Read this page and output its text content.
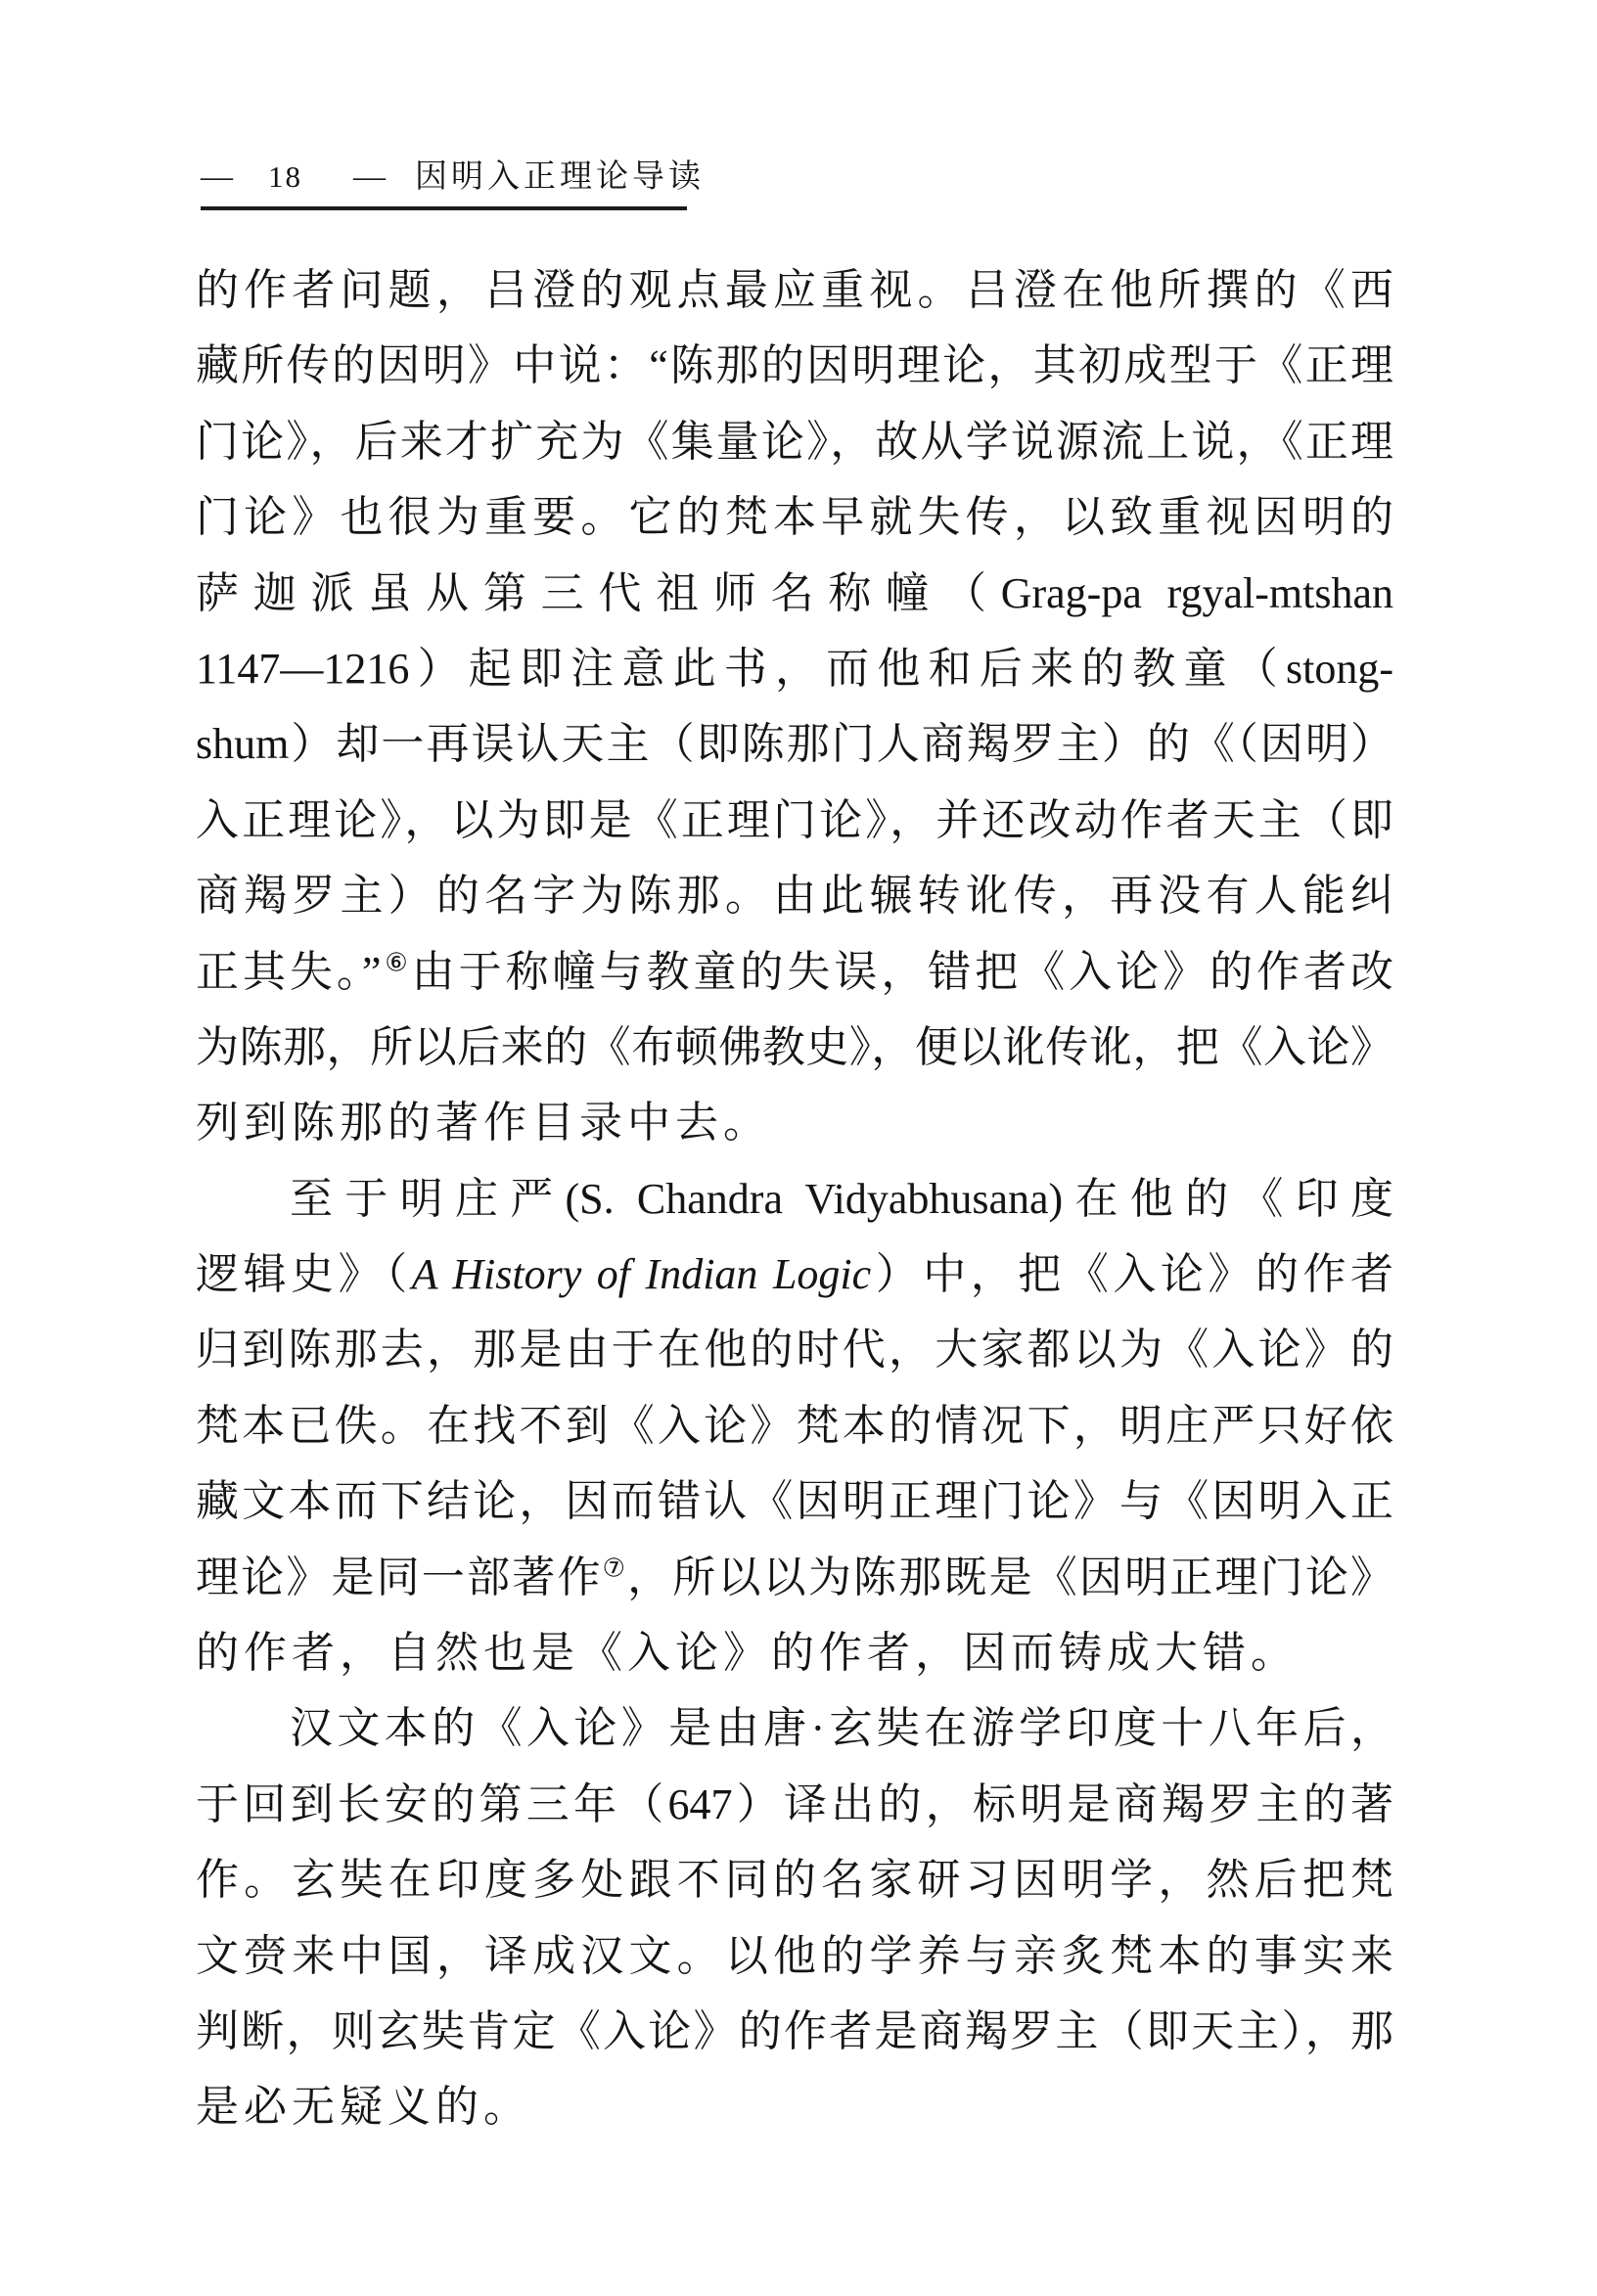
— 18 — 因明入正理论导读
的作者问题，吕澄的观点最应重视。吕澄在他所撰的《西
藏所传的因明》中说：“陈那的因明理论，其初成型于《正理
门论》，后来才扩充为《集量论》，故从学说源流上说，《正理
门论》也很为重要。它的梵本早就失传，以致重视因明的
萨迦派虽从第三代祖师名称幢（Grag-pa rgyal-mtshan
1147—1216）起即注意此书，而他和后来的教童（stong-
shum）却一再误认天主（即陈那门人商羯罗主）的《（因明）
入正理论》，以为即是《正理门论》，并还改动作者天主（即
商羯罗主）的名字为陈那。由此辗转讹传，再没有人能纠
正其失。”⑥由于称幢与教童的失误，错把《入论》的作者改
为陈那，所以后来的《布顿佛教史》，便以讹传讹，把《入论》
列到陈那的著作目录中去。
至于明庄严(S. Chandra Vidyabhusana)在他的《印度
逻辑史》（A History of Indian Logic）中，把《入论》的作者
归到陈那去，那是由于在他的时代，大家都以为《入论》的
梵本已佚。在找不到《入论》梵本的情况下，明庄严只好依
藏文本而下结论，因而错认《因明正理门论》与《因明入正
理论》是同一部著作⑦，所以以为陈那既是《因明正理门论》
的作者，自然也是《入论》的作者，因而铸成大错。
汉文本的《入论》是由唐·玄奘在游学印度十八年后，
于回到长安的第三年（647）译出的，标明是商羯罗主的著
作。玄奘在印度多处跟不同的名家研习因明学，然后把梵
文赍来中国，译成汉文。以他的学养与亲炙梵本的事实来
判断，则玄奘肯定《入论》的作者是商羯罗主（即天主），那
是必无疑义的。
